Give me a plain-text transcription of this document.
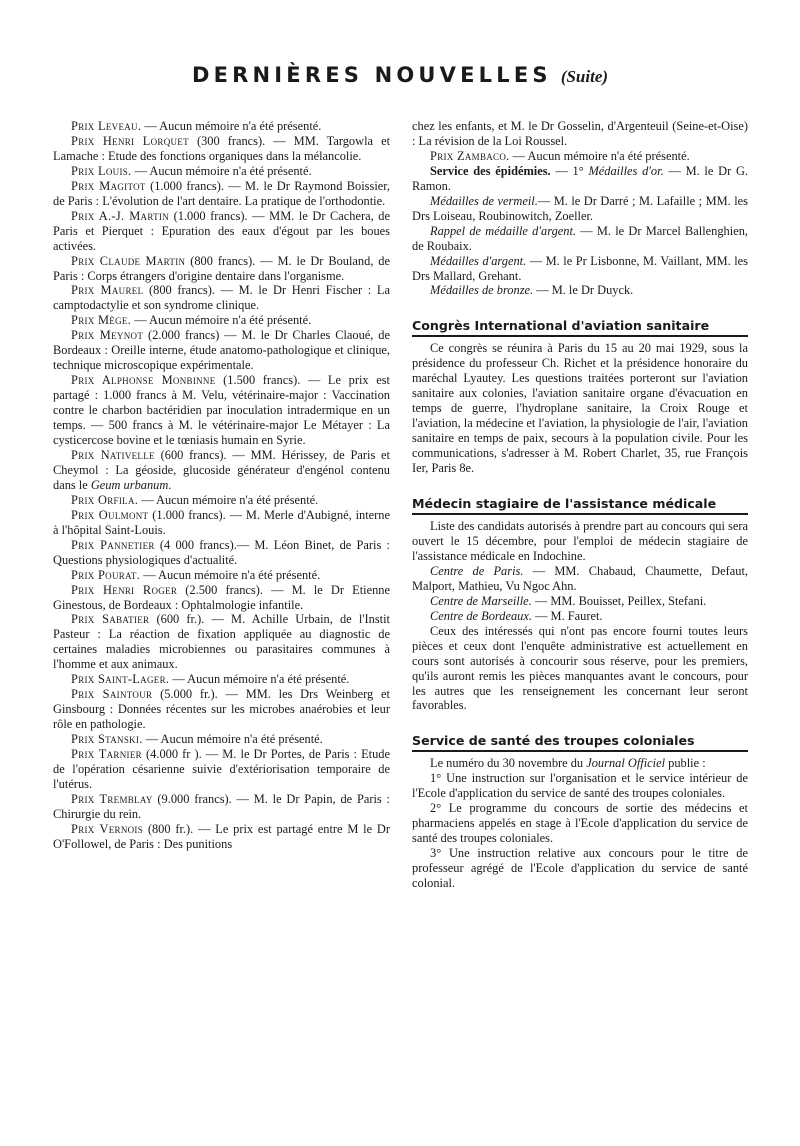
DERNIÈRES NOUVELLES (Suite)

Prix Leveau. — Aucun mémoire n'a été présenté.

Prix Henri Lorquet (300 francs). — MM. Targowla et Lamache : Etude des fonctions organiques dans la mélancolie.

Prix Louis. — Aucun mémoire n'a été présenté.

Prix Magitot (1.000 francs). — M. le Dr Raymond Boissier, de Paris : L'évolution de l'art dentaire. La pratique de l'orthodontie.

Prix A.-J. Martin (1.000 francs). — MM. le Dr Cachera, de Paris et Pierquet : Epuration des eaux d'égout par les boues activées.

Prix Claude Martin (800 francs). — M. le Dr Bouland, de Paris : Corps étrangers d'origine dentaire dans l'organisme.

Prix Maurel (800 francs). — M. le Dr Henri Fischer : La camptodactylie et son syndrome clinique.

Prix Mège. — Aucun mémoire n'a été présenté.

Prix Meynot (2.000 francs) — M. le Dr Charles Claoué, de Bordeaux : Oreille interne, étude anatomo-pathologique et clinique, technique microscopique expérimentale.

Prix Alphonse Monbinne (1.500 francs). — Le prix est partagé : 1.000 francs à M. Velu, vétérinaire-major : Vaccination contre le charbon bactéridien par inoculation intradermique en un temps. — 500 francs à M. le vétérinaire-major Le Métayer : La cysticercose bovine et le tœniasis humain en Syrie.

Prix Nativelle (600 francs). — MM. Hérissey, de Paris et Cheymol : La géoside, glucoside générateur d'engénol contenu dans le Geum urbanum.

Prix Orfila. — Aucun mémoire n'a été présenté.

Prix Oulmont (1.000 francs). — M. Merle d'Aubigné, interne à l'hôpital Saint-Louis.

Prix Pannetier (4 000 francs).— M. Léon Binet, de Paris : Questions physiologiques d'actualité.

Prix Pourat. — Aucun mémoire n'a été présenté.

Prix Henri Roger (2.500 francs). — M. le Dr Etienne Ginestous, de Bordeaux : Ophtalmologie infantile.

Prix Sabatier (600 fr.). — M. Achille Urbain, de l'Instit Pasteur : La réaction de fixation appliquée au diagnostic de certaines maladies microbiennes ou parasitaires communes à l'homme et aux animaux.

Prix Saint-Lager. — Aucun mémoire n'a été présenté.

Prix Saintour (5.000 fr.). — MM. les Drs Weinberg et Ginsbourg : Données récentes sur les microbes anaérobies et leur rôle en pathologie.

Prix Stanski. — Aucun mémoire n'a été présenté.

Prix Tarnier (4.000 fr ). — M. le Dr Portes, de Paris : Etude de l'opération césarienne suivie d'extériorisation temporaire de l'utérus.

Prix Tremblay (9.000 francs). — M. le Dr Papin, de Paris : Chirurgie du rein.

Prix Vernois (800 fr.). — Le prix est partagé entre M le Dr O'Followel, de Paris : Des punitions

chez les enfants, et M. le Dr Gosselin, d'Argenteuil (Seine-et-Oise) : La révision de la Loi Roussel.

Prix Zambaco. — Aucun mémoire n'a été présenté.

Service des épidémies. — 1° Médailles d'or. — M. le Dr G. Ramon.

Médailles de vermeil.— M. le Dr Darré ; M. Lafaille ; MM. les Drs Loiseau, Roubinowitch, Zoeller.

Rappel de médaille d'argent. — M. le Dr Marcel Ballenghien, de Roubaix.

Médailles d'argent. — M. le Pr Lisbonne, M. Vaillant, MM. les Drs Mallard, Grehant.

Médailles de bronze. — M. le Dr Duyck.

Congrès International d'aviation sanitaire

Ce congrès se réunira à Paris du 15 au 20 mai 1929, sous la présidence du professeur Ch. Richet et la présidence honoraire du maréchal Lyautey. Les questions traitées porteront sur l'aviation sanitaire aux colonies, l'aviation sanitaire organe d'évacuation en temps de guerre, l'hydroplane sanitaire, la Croix Rouge et l'aviation, la médecine et l'aviation, la physiologie de l'air, l'aviation sanitaire en temps de paix, secours à la population civile. Pour les communications, s'adresser à M. Robert Charlet, 35, rue François Ier, Paris 8e.

Médecin stagiaire de l'assistance médicale

Liste des candidats autorisés à prendre part au concours qui sera ouvert le 15 décembre, pour l'emploi de médecin stagiaire de l'assistance médicale en Indochine.

Centre de Paris. — MM. Chabaud, Chaumette, Defaut, Malport, Mathieu, Vu Ngoc Ahn.

Centre de Marseille. — MM. Bouisset, Peillex, Stefani.

Centre de Bordeaux. — M. Fauret.

Ceux des intéressés qui n'ont pas encore fourni toutes leurs pièces et ceux dont l'enquête administrative est actuellement en cours sont autorisés à concourir sous réserve, pour les premiers, qu'ils auront remis les pièces manquantes avant le concours, pour les autres que les renseignement les concernant leur seront favorables.

Service de santé des troupes coloniales

Le numéro du 30 novembre du Journal Officiel publie :

1° Une instruction sur l'organisation et le service intérieur de l'Ecole d'application du service de santé des troupes coloniales.

2° Le programme du concours de sortie des médecins et pharmaciens appelés en stage à l'Ecole d'application du service de santé des troupes coloniales.

3° Une instruction relative aux concours pour le titre de professeur agrégé de l'Ecole d'application du service de santé colonial.
